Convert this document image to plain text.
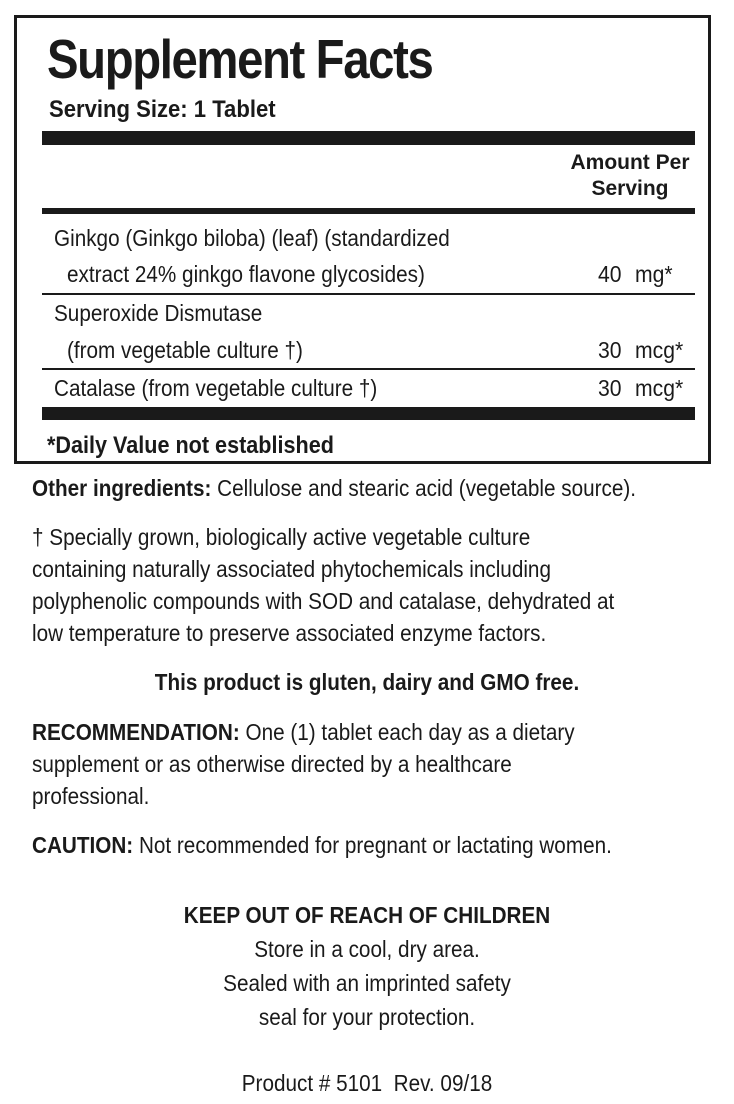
Supplement Facts
Serving Size: 1 Tablet
Amount Per
Serving
Ginkgo (Ginkgo biloba) (leaf) (standardized
extract 24% ginkgo flavone glycosides)	40 mg*
Superoxide Dismutase
(from vegetable culture †)	30 mcg*
Catalase (from vegetable culture †)	30 mcg*
*Daily Value not established
Other ingredients: Cellulose and stearic acid (vegetable source).
† Specially grown, biologically active vegetable culture
containing naturally associated phytochemicals including
polyphenolic compounds with SOD and catalase, dehydrated at
low temperature to preserve associated enzyme factors.
This product is gluten, dairy and GMO free.
RECOMMENDATION: One (1) tablet each day as a dietary
supplement or as otherwise directed by a healthcare
professional.
CAUTION: Not recommended for pregnant or lactating women.
KEEP OUT OF REACH OF CHILDREN
Store in a cool, dry area.
Sealed with an imprinted safety
seal for your protection.
Product # 5101  Rev. 09/18
